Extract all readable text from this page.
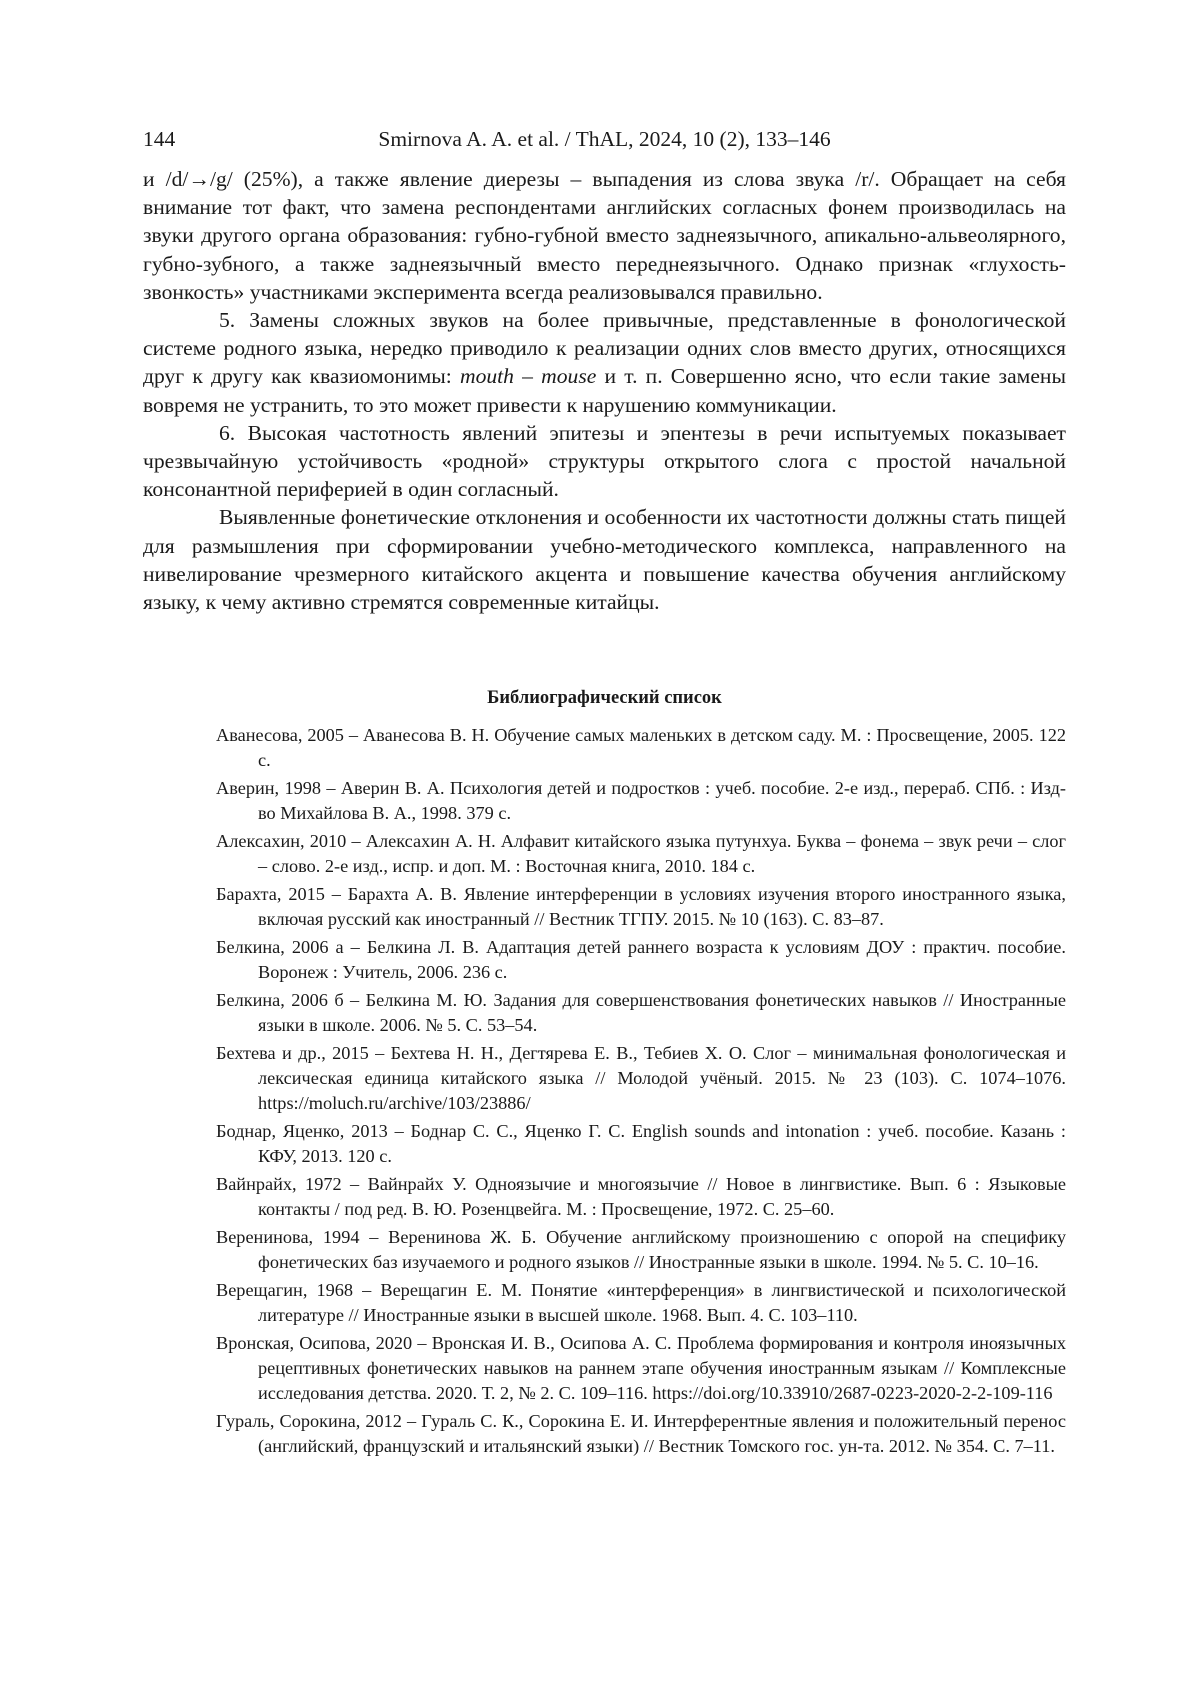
144	Smirnova A. A. et al. / ThAL, 2024, 10 (2), 133–146

и /d/→/g/ (25%), а также явление диерезы – выпадения из слова звука /r/. Обращает на себя внимание тот факт, что замена респондентами английских согласных фонем производилась на звуки другого органа образования: губно-губной вместо заднеязычного, апикально-альвеолярного, губно-зубного, а также заднеязычный вместо переднеязычного. Однако признак «глухость-звонкость» участниками эксперимента всегда реализовывался правильно.

5. Замены сложных звуков на более привычные, представленные в фонологической системе родного языка, нередко приводило к реализации одних слов вместо других, относящихся друг к другу как квазиомонимы: mouth – mouse и т. п. Совершенно ясно, что если такие замены вовремя не устранить, то это может привести к нарушению коммуникации.

6. Высокая частотность явлений эпитезы и эпентезы в речи испытуемых показывает чрезвычайную устойчивость «родной» структуры открытого слога с простой начальной консонантной периферией в один согласный.

Выявленные фонетические отклонения и особенности их частотности должны стать пищей для размышления при сформировании учебно-методического комплекса, направленного на нивелирование чрезмерного китайского акцента и повышение качества обучения английскому языку, к чему активно стремятся современные китайцы.

Библиографический список
Аванесова, 2005 – Аванесова В. Н. Обучение самых маленьких в детском саду. М. : Просвещение, 2005. 122 с.
Аверин, 1998 – Аверин В. А. Психология детей и подростков : учеб. пособие. 2-е изд., перераб. СПб. : Изд-во Михайлова В. А., 1998. 379 с.
Алексахин, 2010 – Алексахин А. Н. Алфавит китайского языка путунхуа. Буква – фонема – звук речи – слог – слово. 2-е изд., испр. и доп. М. : Восточная книга, 2010. 184 с.
Барахта, 2015 – Барахта А. В. Явление интерференции в условиях изучения второго иностранного языка, включая русский как иностранный // Вестник ТГПУ. 2015. № 10 (163). С. 83–87.
Белкина, 2006 а – Белкина Л. В. Адаптация детей раннего возраста к условиям ДОУ : практич. пособие. Воронеж : Учитель, 2006. 236 с.
Белкина, 2006 б – Белкина М. Ю. Задания для совершенствования фонетических навыков // Иностранные языки в школе. 2006. № 5. С. 53–54.
Бехтева и др., 2015 – Бехтева Н. Н., Дегтярева Е. В., Тебиев Х. О. Слог – минимальная фонологическая и лексическая единица китайского языка // Молодой учёный. 2015. № 23 (103). С. 1074–1076. https://moluch.ru/archive/103/23886/
Боднар, Яценко, 2013 – Боднар С. С., Яценко Г. С. English sounds and intonation : учеб. пособие. Казань : КФУ, 2013. 120 с.
Вайнрайх, 1972 – Вайнрайх У. Одноязычие и многоязычие // Новое в лингвистике. Вып. 6 : Языковые контакты / под ред. В. Ю. Розенцвейга. М. : Просвещение, 1972. С. 25–60.
Веренинова, 1994 – Веренинова Ж. Б. Обучение английскому произношению с опорой на специфику фонетических баз изучаемого и родного языков // Иностранные языки в школе. 1994. № 5. С. 10–16.
Верещагин, 1968 – Верещагин Е. М. Понятие «интерференция» в лингвистической и психологической литературе // Иностранные языки в высшей школе. 1968. Вып. 4. С. 103–110.
Вронская, Осипова, 2020 – Вронская И. В., Осипова А. С. Проблема формирования и контроля иноязычных рецептивных фонетических навыков на раннем этапе обучения иностранным языкам // Комплексные исследования детства. 2020. Т. 2, № 2. С. 109–116. https://doi.org/10.33910/2687-0223-2020-2-2-109-116
Гураль, Сорокина, 2012 – Гураль С. К., Сорокина Е. И. Интерферентные явления и положительный перенос (английский, французский и итальянский языки) // Вестник Томского гос. ун-та. 2012. № 354. С. 7–11.
